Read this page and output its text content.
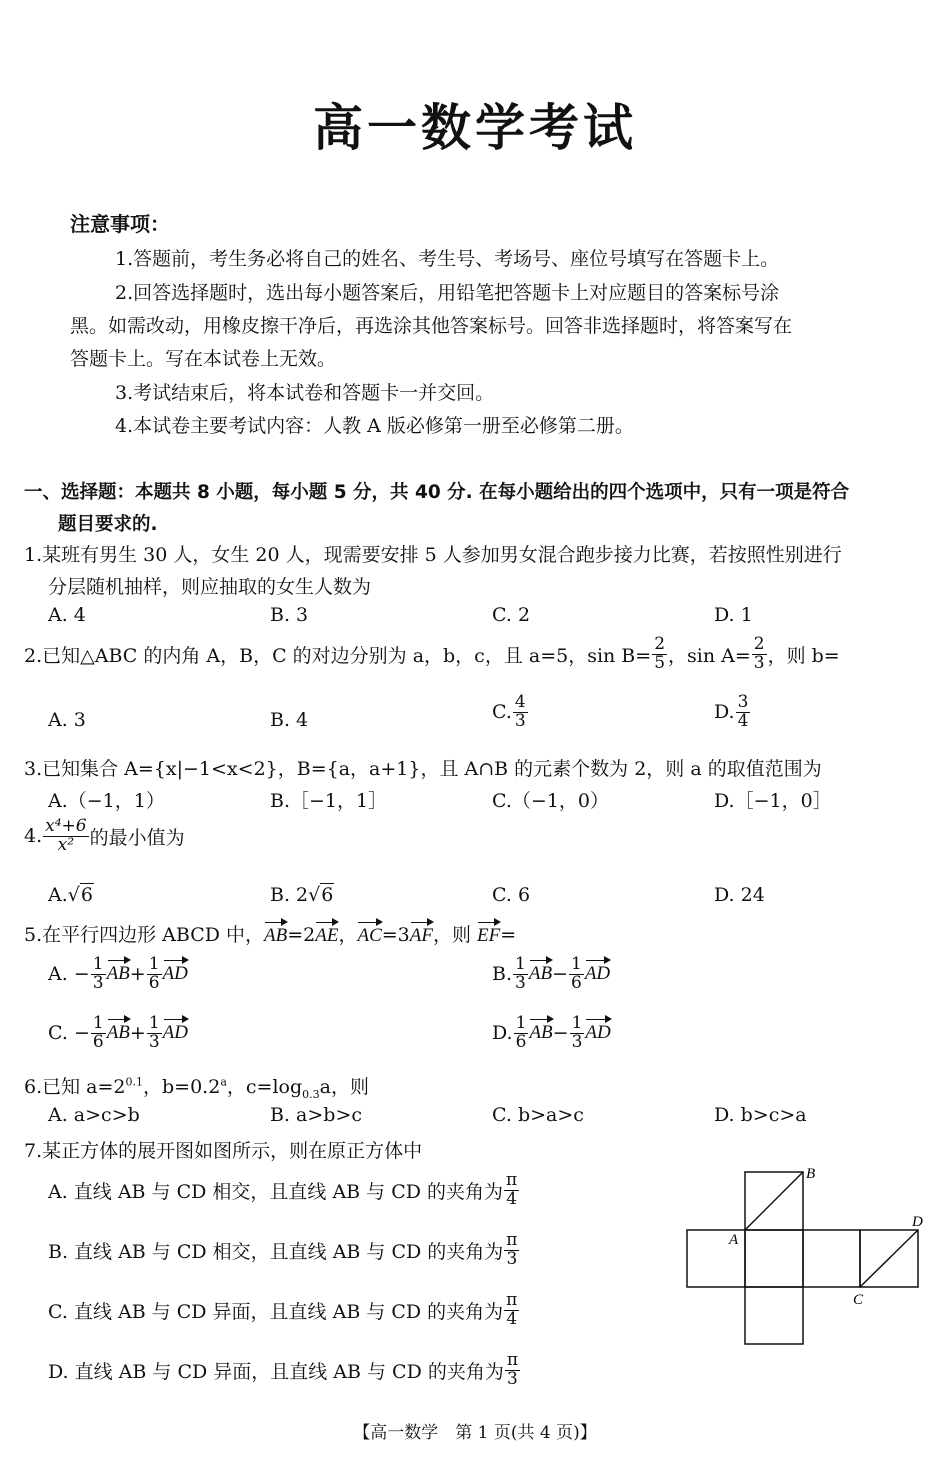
高一数学考试
注意事项：
1.答题前，考生务必将自己的姓名、考生号、考场号、座位号填写在答题卡上。
2.回答选择题时，选出每小题答案后，用铅笔把答题卡上对应题目的答案标号涂
黑。如需改动，用橡皮擦干净后，再选涂其他答案标号。回答非选择题时，将答案写在
答题卡上。写在本试卷上无效。
3.考试结束后，将本试卷和答题卡一并交回。
4.本试卷主要考试内容：人教 A 版必修第一册至必修第二册。
一、选择题：本题共 8 小题，每小题 5 分，共 40 分. 在每小题给出的四个选项中，只有一项是符合
题目要求的.
1.某班有男生 30 人，女生 20 人，现需要安排 5 人参加男女混合跑步接力比赛，若按照性别进行
分层随机抽样，则应抽取的女生人数为
A. 4	B. 3	C. 2	D. 1
2.已知△ABC 的内角 A，B，C 的对边分别为 a，b，c，且 a=5，$\sin B= \frac{2}{5}$ ，$\sin A= \frac{2}{3}$ ，则 b=
A. 3	B. 4	C. $\frac{4}{3}$	D. $\frac{3}{4}$
3.已知集合 A={x|−1<x<2}，B={a，a+1}，且 A∩B 的元素个数为 2，则 a 的取值范围为
A.（−1，1）	B.［−1，1］	C.（−1，0）	D.［−1，0］
4. $\frac{\text{x⁴+6}}{\text{x²}}$ 的最小值为
A.√6	B. 2√6	C. 6	D. 24
5.在平行四边形 ABCD 中，AB=2AE，AC=3AF，则 EF=
A. − $\frac{1}{3}$ AB + $\frac{1}{6}$ AD	B. $\frac{1}{3}$ AB − $\frac{1}{6}$ AD
C. − $\frac{1}{6}$ AB + $\frac{1}{3}$ AD	D. $\frac{1}{6}$ AB − $\frac{1}{3}$ AD
6.已知 $a=2^{0.1}$，b=0.2$^a$，$c=\log_{0.3}a$，则
A. a>c>b	B. a>b>c	C. b>a>c	D. b>c>a
7.某正方体的展开图如图所示，则在原正方体中
A. 直线 AB 与 CD 相交，且直线 AB 与 CD 的夹角为 $\frac{\pi}{4}$
B. 直线 AB 与 CD 相交，且直线 AB 与 CD 的夹角为 $\frac{\pi}{3}$
C. 直线 AB 与 CD 异面，且直线 AB 与 CD 的夹角为 $\frac{\pi}{4}$
D. 直线 AB 与 CD 异面，且直线 AB 与 CD 的夹角为 $\frac{\pi}{3}$
B
A
D
C
【高一数学　第 1 页(共 4 页)】
